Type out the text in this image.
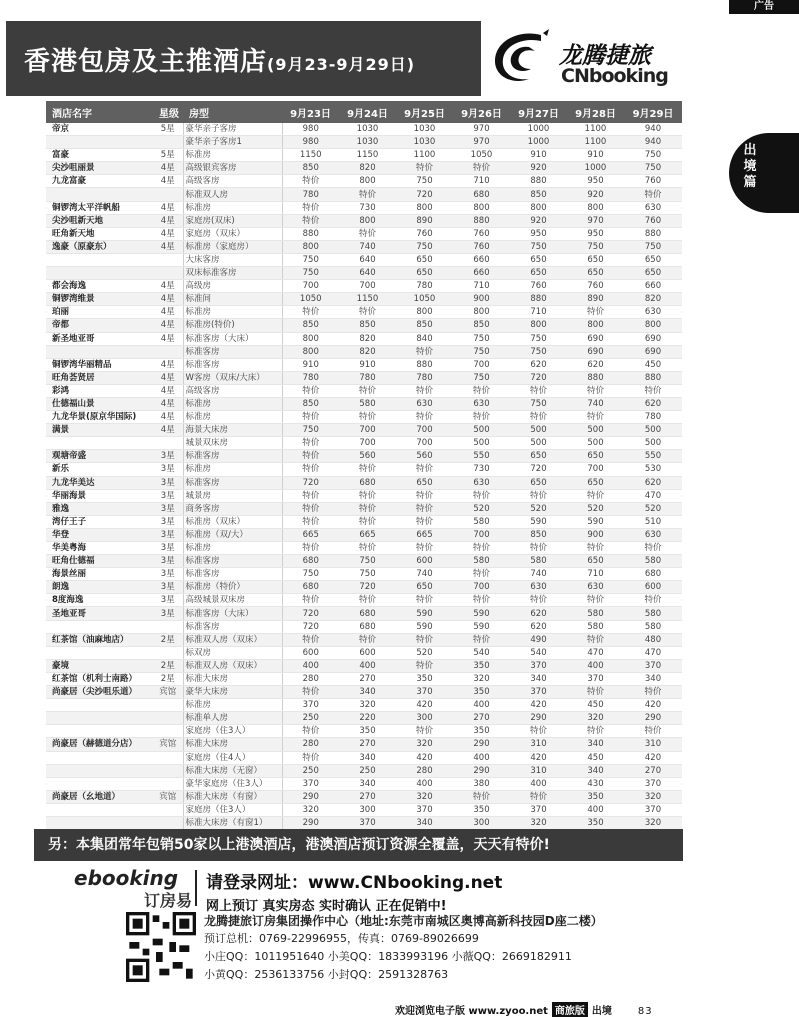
广告
香港包房及主推酒店(9月23-9月29日)	龙腾捷旅
CNbooking
出
境
篇
酒店名字	星级	房型	9月23日	9月24日	9月25日	9月26日	9月27日	9月28日	9月29日
帝京	5星	豪华亲子客房	980	1030	1030	970	1000	1100	940
		豪华亲子客房1	980	1030	1030	970	1000	1100	940
富豪	5星	标准房	1150	1150	1100	1050	910	910	750
尖沙咀丽景	4星	高级银宾客房	850	820	特价	特价	920	1000	750
九龙富豪	4星	高级客房	特价	800	750	710	880	950	760
		标准双人房	780	特价	720	680	850	920	特价
铜锣湾太平洋帆船	4星	标准房	特价	730	800	800	800	800	630
尖沙咀新天地	4星	家庭房(双床)	特价	800	890	880	920	970	760
旺角新天地	4星	家庭房（双床）	880	特价	760	760	950	950	880
逸豪（原豪东）	4星	标准房（家庭房）	800	740	750	760	750	750	750
		大床客房	750	640	650	660	650	650	650
		双床标准客房	750	640	650	660	650	650	650
都会海逸	4星	高级房	700	700	780	710	760	760	660
铜锣湾维景	4星	标准间	1050	1150	1050	900	880	890	820
珀丽	4星	标准房	特价	特价	800	800	710	特价	630
帝都	4星	标准房(特价)	850	850	850	850	800	800	800
新圣地亚哥	4星	标准客房（大床）	800	820	840	750	750	690	690
		标准客房	800	820	特价	750	750	690	690
铜锣湾华丽精品	4星	标准客房	910	910	880	700	620	620	450
旺角荟贤居	4星	W客房（双床/大床）	780	780	780	750	720	880	880
彩鸿	4星	高级客房	特价	特价	特价	特价	特价	特价	特价
仕德福山景	4星	标准房	850	580	630	630	750	740	620
九龙华景(原京华国际)	4星	标准房	特价	特价	特价	特价	特价	特价	780
满景	4星	海景大床房	750	700	700	500	500	500	500
		城景双床房	特价	700	700	500	500	500	500
观塘帝盛	3星	标准客房	特价	560	560	550	650	650	550
新乐	3星	标准房	特价	特价	特价	730	720	700	530
九龙华美达	3星	标准客房	720	680	650	630	650	650	620
华丽海景	3星	城景房	特价	特价	特价	特价	特价	特价	470
雅逸	3星	商务客房	特价	特价	特价	520	520	520	520
湾仔王子	3星	标准房（双床）	特价	特价	特价	580	590	590	510
华登	3星	标准房（双/大）	665	665	665	700	850	900	630
华美粤海	3星	标准房	特价	特价	特价	特价	特价	特价	特价
旺角仕德福	3星	标准客房	680	750	600	580	580	650	580
海景丝丽	3星	标准客房	750	750	740	特价	740	710	680
朗逸	3星	标准房（特价）	680	720	650	700	630	630	600
8度海逸	3星	高级城景双床房	特价	特价	特价	特价	特价	特价	特价
圣地亚哥	3星	标准客房（大床）	720	680	590	590	620	580	580
		标准客房	720	680	590	590	620	580	580
红茶馆（油麻地店）	2星	标准双人房（双床）	特价	特价	特价	特价	490	特价	480
		标双房	600	600	520	540	540	470	470
豪境	2星	标准双人房（双床）	400	400	特价	350	370	400	370
红茶馆（机利士南路）	2星	标准大床房	280	270	350	320	340	370	340
尚豪居（尖沙咀乐道）	宾馆	豪华大床房	特价	340	370	350	370	特价	特价
		标准房	370	320	420	400	420	450	420
		标准单人房	250	220	300	270	290	320	290
		家庭房（住3人）	特价	350	特价	350	特价	特价	特价
尚豪居（赫德道分店）	宾馆	标准大床房	280	270	320	290	310	340	310
		家庭房（住4人）	特价	340	420	400	420	450	420
		标准大床房（无窗）	250	250	280	290	310	340	270
		豪华家庭房（住3人）	370	340	400	380	400	430	370
尚豪居（幺地道）	宾馆	标准大床房（有窗）	290	270	320	特价	特价	350	320
		家庭房（住3人）	320	300	370	350	370	400	370
		标准大床房（有窗1）	290	370	340	300	320	350	320
另：本集团常年包销50家以上港澳酒店，港澳酒店预订资源全覆盖，天天有特价!
ebooking
订房易
请登录网址：www.CNbooking.net
网上预订 真实房态 实时确认 正在促销中!
龙腾捷旅订房集团操作中心（地址:东莞市南城区奥博高新科技园D座二楼）
预订总机：0769-22996955，传真：0769-89026699
小庄QQ：1011951640 小美QQ：1833993196 小薇QQ：2669182911
小黄QQ：2536133756 小封QQ：2591328763
欢迎浏览电子版 www.zyoo.net 商旅版 出境	83
